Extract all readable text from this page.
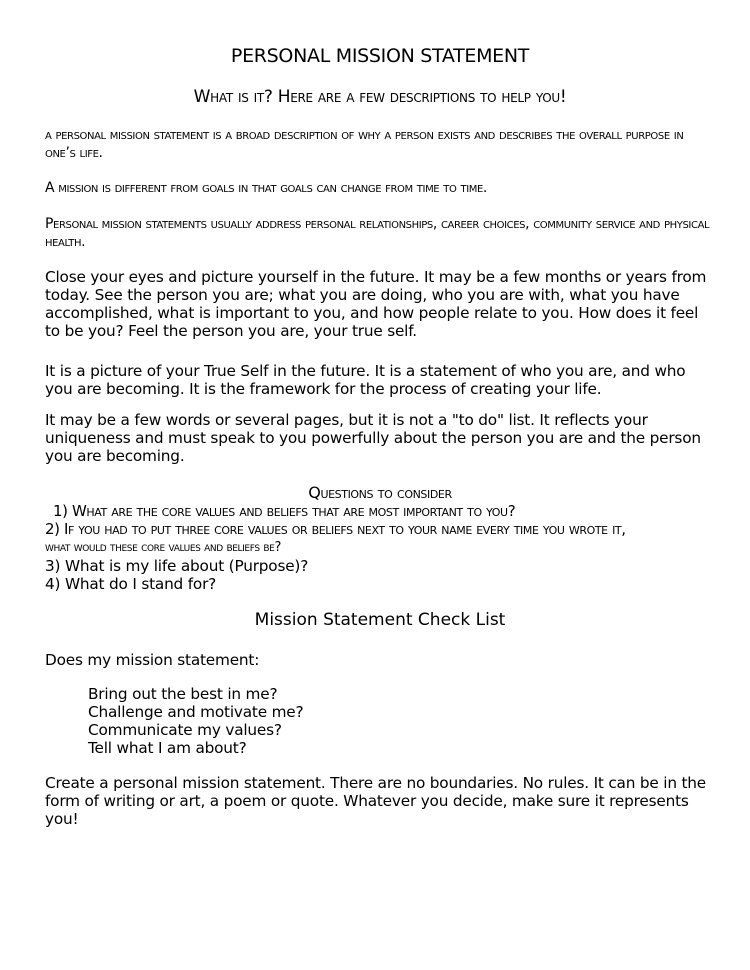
PERSONAL MISSION STATEMENT
What is it? Here are a few descriptions to help you!

a personal mission statement is a broad description of why a person exists and describes the overall purpose in one’s life.

A mission is different from goals in that goals can change from time to time.

Personal mission statements usually address personal relationships, career choices, community service and physical health.

Close your eyes and picture yourself in the future. It may be a few months or years from today. See the person you are; what you are doing, who you are with, what you have accomplished, what is important to you, and how people relate to you. How does it feel to be you? Feel the person you are, your true self.

It is a picture of your True Self in the future. It is a statement of who you are, and who you are becoming. It is the framework for the process of creating your life.

It may be a few words or several pages, but it is not a "to do" list. It reflects your uniqueness and must speak to you powerfully about the person you are and the person you are becoming.

Questions to consider
1) What are the core values and beliefs that are most important to you?
2) If you had to put three core values or beliefs next to your name every time you wrote it,
what would these core values and beliefs be?
3) What is my life about (Purpose)?
4) What do I stand for?
Mission Statement Check List
Does my mission statement:
Bring out the best in me?
Challenge and motivate me?
Communicate my values?
Tell what I am about?

Create a personal mission statement. There are no boundaries. No rules. It can be in the form of writing or art, a poem or quote. Whatever you decide, make sure it represents you!
